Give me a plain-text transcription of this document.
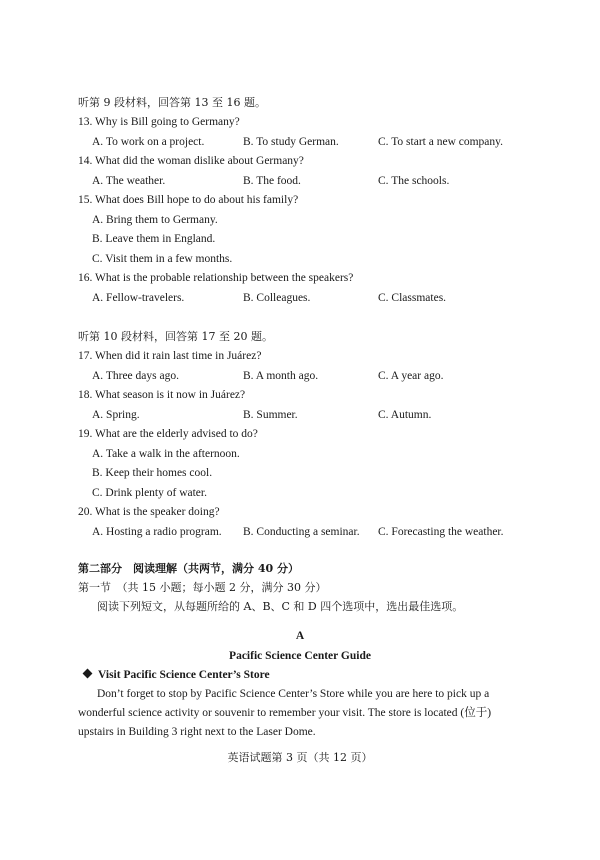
听第 9 段材料，回答第 13 至 16 题。
13. Why is Bill going to Germany?
A. To work on a project.	B. To study German.	C. To start a new company.
14. What did the woman dislike about Germany?
A. The weather.	B. The food.	C. The schools.
15. What does Bill hope to do about his family?
A. Bring them to Germany.
B. Leave them in England.
C. Visit them in a few months.
16. What is the probable relationship between the speakers?
A. Fellow-travelers.	B. Colleagues.	C. Classmates.
听第 10 段材料，回答第 17 至 20 题。
17. When did it rain last time in Juárez?
A. Three days ago.	B. A month ago.	C. A year ago.
18. What season is it now in Juárez?
A. Spring.	B. Summer.	C. Autumn.
19. What are the elderly advised to do?
A. Take a walk in the afternoon.
B. Keep their homes cool.
C. Drink plenty of water.
20. What is the speaker doing?
A. Hosting a radio program. B. Conducting a seminar. C. Forecasting the weather.
第二部分　阅读理解（共两节，满分 40 分）
第一节　（共 15 小题；每小题 2 分，满分 30 分）
阅读下列短文，从每题所给的 A、B、C 和 D 四个选项中，选出最佳选项。
A
Pacific Science Center Guide
Visit Pacific Science Center’s Store
Don’t forget to stop by Pacific Science Center’s Store while you are here to pick up a
wonderful science activity or souvenir to remember your visit. The store is located (位于)
upstairs in Building 3 right next to the Laser Dome.
英语试题第 3 页（共 12 页）
